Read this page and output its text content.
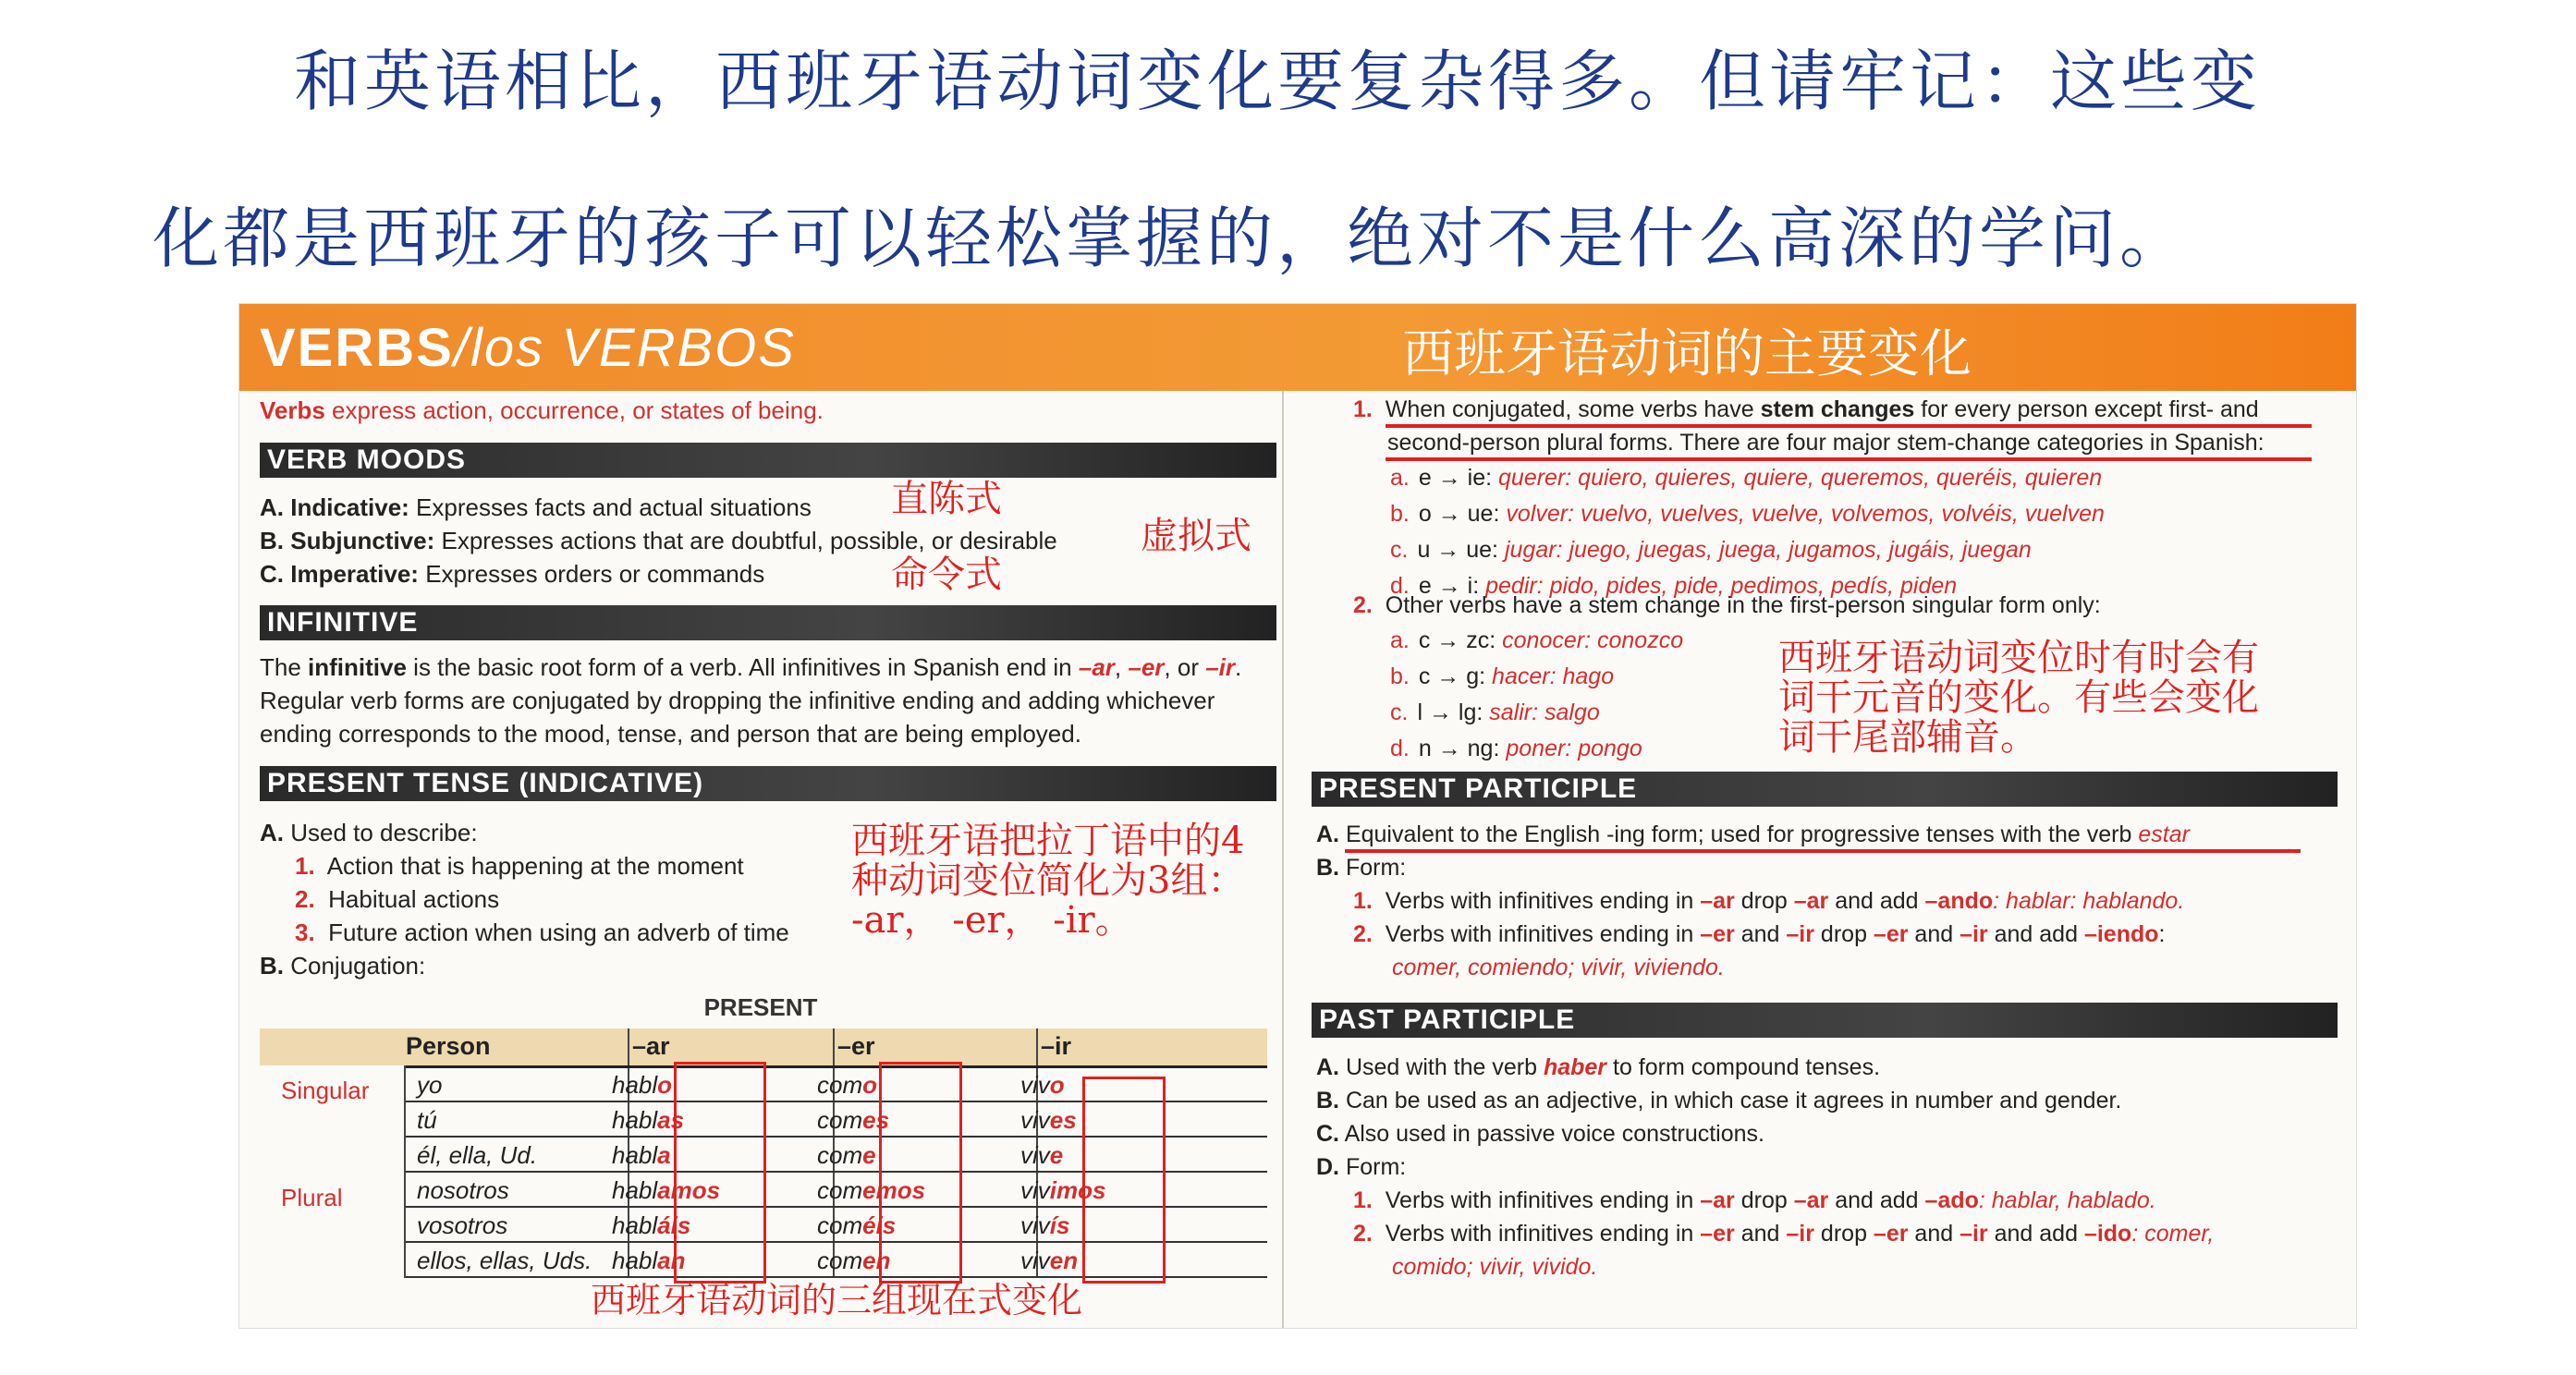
和英语相比，西班牙语动词变化要复杂得多。但请牢记：这些变
化都是西班牙的孩子可以轻松掌握的，绝对不是什么高深的学问。
VERBS/los VERBOS	西班牙语动词的主要变化
Verbs express action, occurrence, or states of being.
VERB MOODS
A. Indicative: Expresses facts and actual situations
B. Subjunctive: Expresses actions that are doubtful, possible, or desirable
C. Imperative: Expresses orders or commands
直陈式
虚拟式
命令式
INFINITIVE
The infinitive is the basic root form of a verb. All infinitives in Spanish end in –ar, –er, or –ir.
Regular verb forms are conjugated by dropping the infinitive ending and adding whichever
ending corresponds to the mood, tense, and person that are being employed.
PRESENT TENSE (INDICATIVE)
A. Used to describe:
1. Action that is happening at the moment
2. Habitual actions
3. Future action when using an adverb of time
B. Conjugation:
西班牙语把拉丁语中的4
种动词变位简化为3组：
-ar， -er， -ir。
PRESENT
Person	–ar	–er	–ir
Singular
Plural
yo	hablo	como	vivo
tú	hablas	comes	vives
él, ella, Ud.	habla	come	vive
nosotros	hablamos	comemos	vivimos
vosotros	habláis	coméis	vivís
ellos, ellas, Uds. hablan	comen	viven
西班牙语动词的三组现在式变化
1. When conjugated, some verbs have stem changes for every person except first- and
second-person plural forms. There are four major stem-change categories in Spanish:
a. e → ie: querer: quiero, quieres, quiere, queremos, queréis, quieren
b. o → ue: volver: vuelvo, vuelves, vuelve, volvemos, volvéis, vuelven
c. u → ue: jugar: juego, juegas, juega, jugamos, jugáis, juegan
d. e → i: pedir: pido, pides, pide, pedimos, pedís, piden
2. Other verbs have a stem change in the first-person singular form only:
a. c → zc: conocer: conozco
b. c → g: hacer: hago
c. l → lg: salir: salgo
d. n → ng: poner: pongo
西班牙语动词变位时有时会有
词干元音的变化。有些会变化
词干尾部辅音。
PRESENT PARTICIPLE
A. Equivalent to the English -ing form; used for progressive tenses with the verb estar
B. Form:
1. Verbs with infinitives ending in –ar drop –ar and add –ando: hablar: hablando.
2. Verbs with infinitives ending in –er and –ir drop –er and –ir and add –iendo:
comer, comiendo; vivir, viviendo.
PAST PARTICIPLE
A. Used with the verb haber to form compound tenses.
B. Can be used as an adjective, in which case it agrees in number and gender.
C. Also used in passive voice constructions.
D. Form:
1. Verbs with infinitives ending in –ar drop –ar and add –ado: hablar, hablado.
2. Verbs with infinitives ending in –er and –ir drop –er and –ir and add –ido: comer,
comido; vivir, vivido.
